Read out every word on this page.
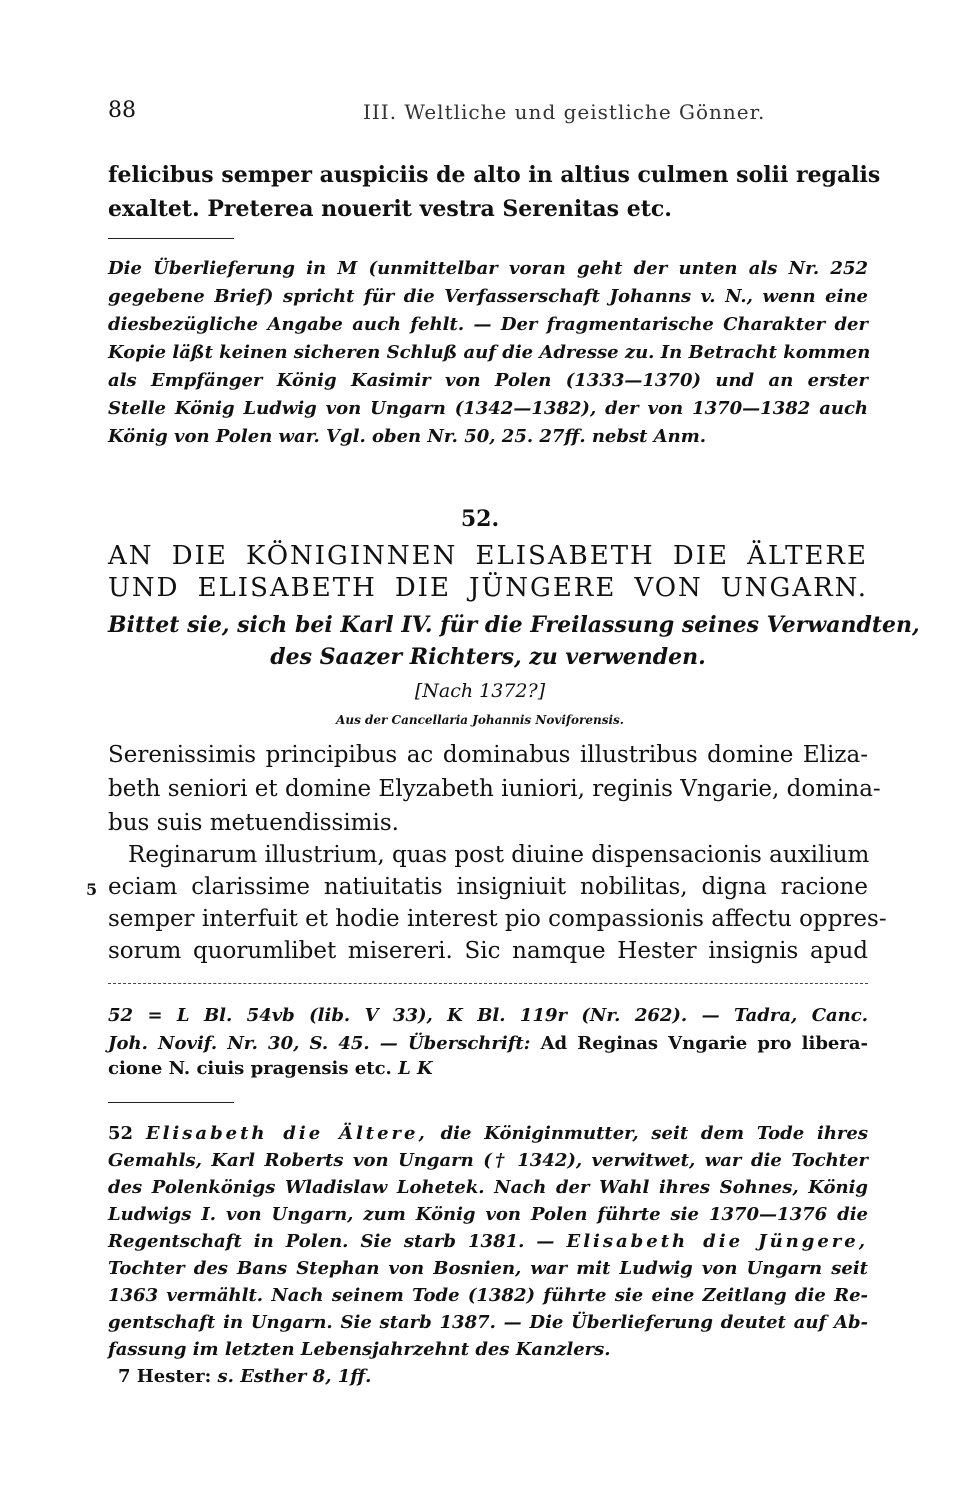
88	III. Weltliche und geistliche Gönner.
felicibus semper auspiciis de alto in altius culmen solii regalis
exaltet. Preterea nouerit vestra Serenitas etc.
Die Überlieferung in M (unmittelbar voran geht der unten als Nr. 252
gegebene Brief) spricht für die Verfasserschaft Johanns v. N., wenn eine
diesbezügliche Angabe auch fehlt. — Der fragmentarische Charakter der
Kopie läßt keinen sicheren Schluß auf die Adresse zu. In Betracht kommen
als Empfänger König Kasimir von Polen (1333—1370) und an erster
Stelle König Ludwig von Ungarn (1342—1382), der von 1370—1382 auch
König von Polen war. Vgl. oben Nr. 50, 25. 27ff. nebst Anm.
52.
AN DIE KÖNIGINNEN ELISABETH DIE ÄLTERE
UND ELISABETH DIE JÜNGERE VON UNGARN.
Bittet sie, sich bei Karl IV. für die Freilassung seines Verwandten,
des Saazer Richters, zu verwenden.
[Nach 1372?]
Aus der Cancellaria Johannis Noviforensis.
Serenissimis principibus ac dominabus illustribus domine Eliza-
beth seniori et domine Elyzabeth iuniori, reginis Vngarie, domina-
bus suis metuendissimis.
Reginarum illustrium, quas post diuine dispensacionis auxilium
5 eciam clarissime natiuitatis insigniuit nobilitas, digna racione
semper interfuit et hodie interest pio compassionis affectu oppres-
sorum quorumlibet misereri. Sic namque Hester insignis apud
52 = L Bl. 54vb (lib. V 33), K Bl. 119r (Nr. 262). — Tadra, Canc.
Joh. Novif. Nr. 30, S. 45. — Überschrift: Ad Reginas Vngarie pro libera-
cione N. ciuis pragensis etc. L K
52 Elisabeth die Ältere, die Königinmutter, seit dem Tode ihres
Gemahls, Karl Roberts von Ungarn († 1342), verwitwet, war die Tochter
des Polenkönigs Wladislaw Lohetek. Nach der Wahl ihres Sohnes, König
Ludwigs I. von Ungarn, zum König von Polen führte sie 1370—1376 die
Regentschaft in Polen. Sie starb 1381. — Elisabeth die Jüngere,
Tochter des Bans Stephan von Bosnien, war mit Ludwig von Ungarn seit
1363 vermählt. Nach seinem Tode (1382) führte sie eine Zeitlang die Re-
gentschaft in Ungarn. Sie starb 1387. — Die Überlieferung deutet auf Ab-
fassung im letzten Lebensjahrzehnt des Kanzlers.
7 Hester: s. Esther 8, 1ff.
